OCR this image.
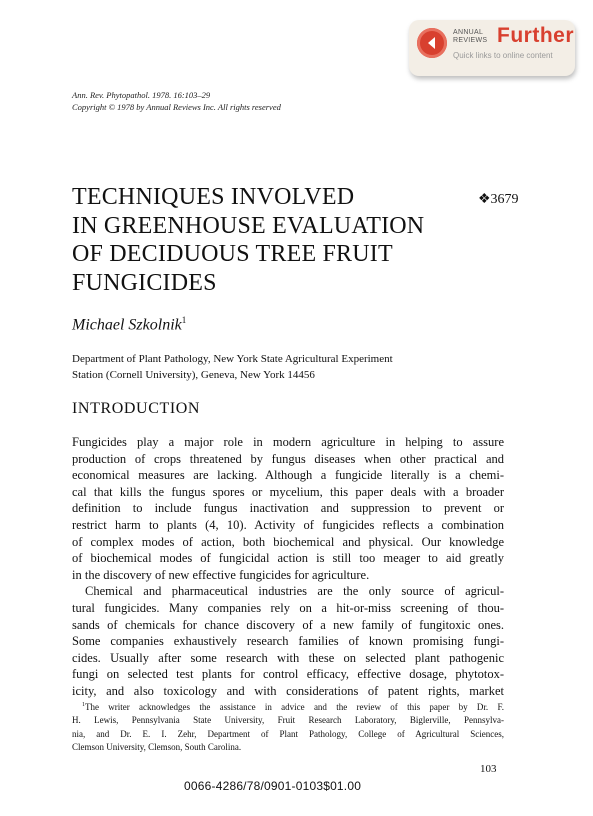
ANNUAL
REVIEWS Further
Quick links to online content
Ann. Rev. Phytopathol. 1978. 16:103–29
Copyright © 1978 by Annual Reviews Inc. All rights reserved
TECHNIQUES INVOLVED
IN GREENHOUSE EVALUATION
OF DECIDUOUS TREE FRUIT
FUNGICIDES
❖3679
Michael Szkolnik$^1$
Department of Plant Pathology, New York State Agricultural Experiment
Station (Cornell University), Geneva, New York 14456
INTRODUCTION
Fungicides play a major role in modern agriculture in helping to assure
production of crops threatened by fungus diseases when other practical and
economical measures are lacking. Although a fungicide literally is a chemi-
cal that kills the fungus spores or mycelium, this paper deals with a broader
definition to include fungus inactivation and suppression to prevent or
restrict harm to plants (4, 10). Activity of fungicides reflects a combination
of complex modes of action, both biochemical and physical. Our knowledge
of biochemical modes of fungicidal action is still too meager to aid greatly
in the discovery of new effective fungicides for agriculture.
Chemical and pharmaceutical industries are the only source of agricul-
tural fungicides. Many companies rely on a hit-or-miss screening of thou-
sands of chemicals for chance discovery of a new family of fungitoxic ones.
Some companies exhaustively research families of known promising fungi-
cides. Usually after some research with these on selected plant pathogenic
fungi on selected test plants for control efficacy, effective dosage, phytotox-
icity, and also toxicology and with considerations of patent rights, market
$^1$The writer acknowledges the assistance in advice and the review of this paper by Dr. F.
H. Lewis, Pennsylvania State University, Fruit Research Laboratory, Biglerville, Pennsylva-
nia, and Dr. E. I. Zehr, Department of Plant Pathology, College of Agricultural Sciences,
Clemson University, Clemson, South Carolina.
103
0066-4286/78/0901-0103$01.00
